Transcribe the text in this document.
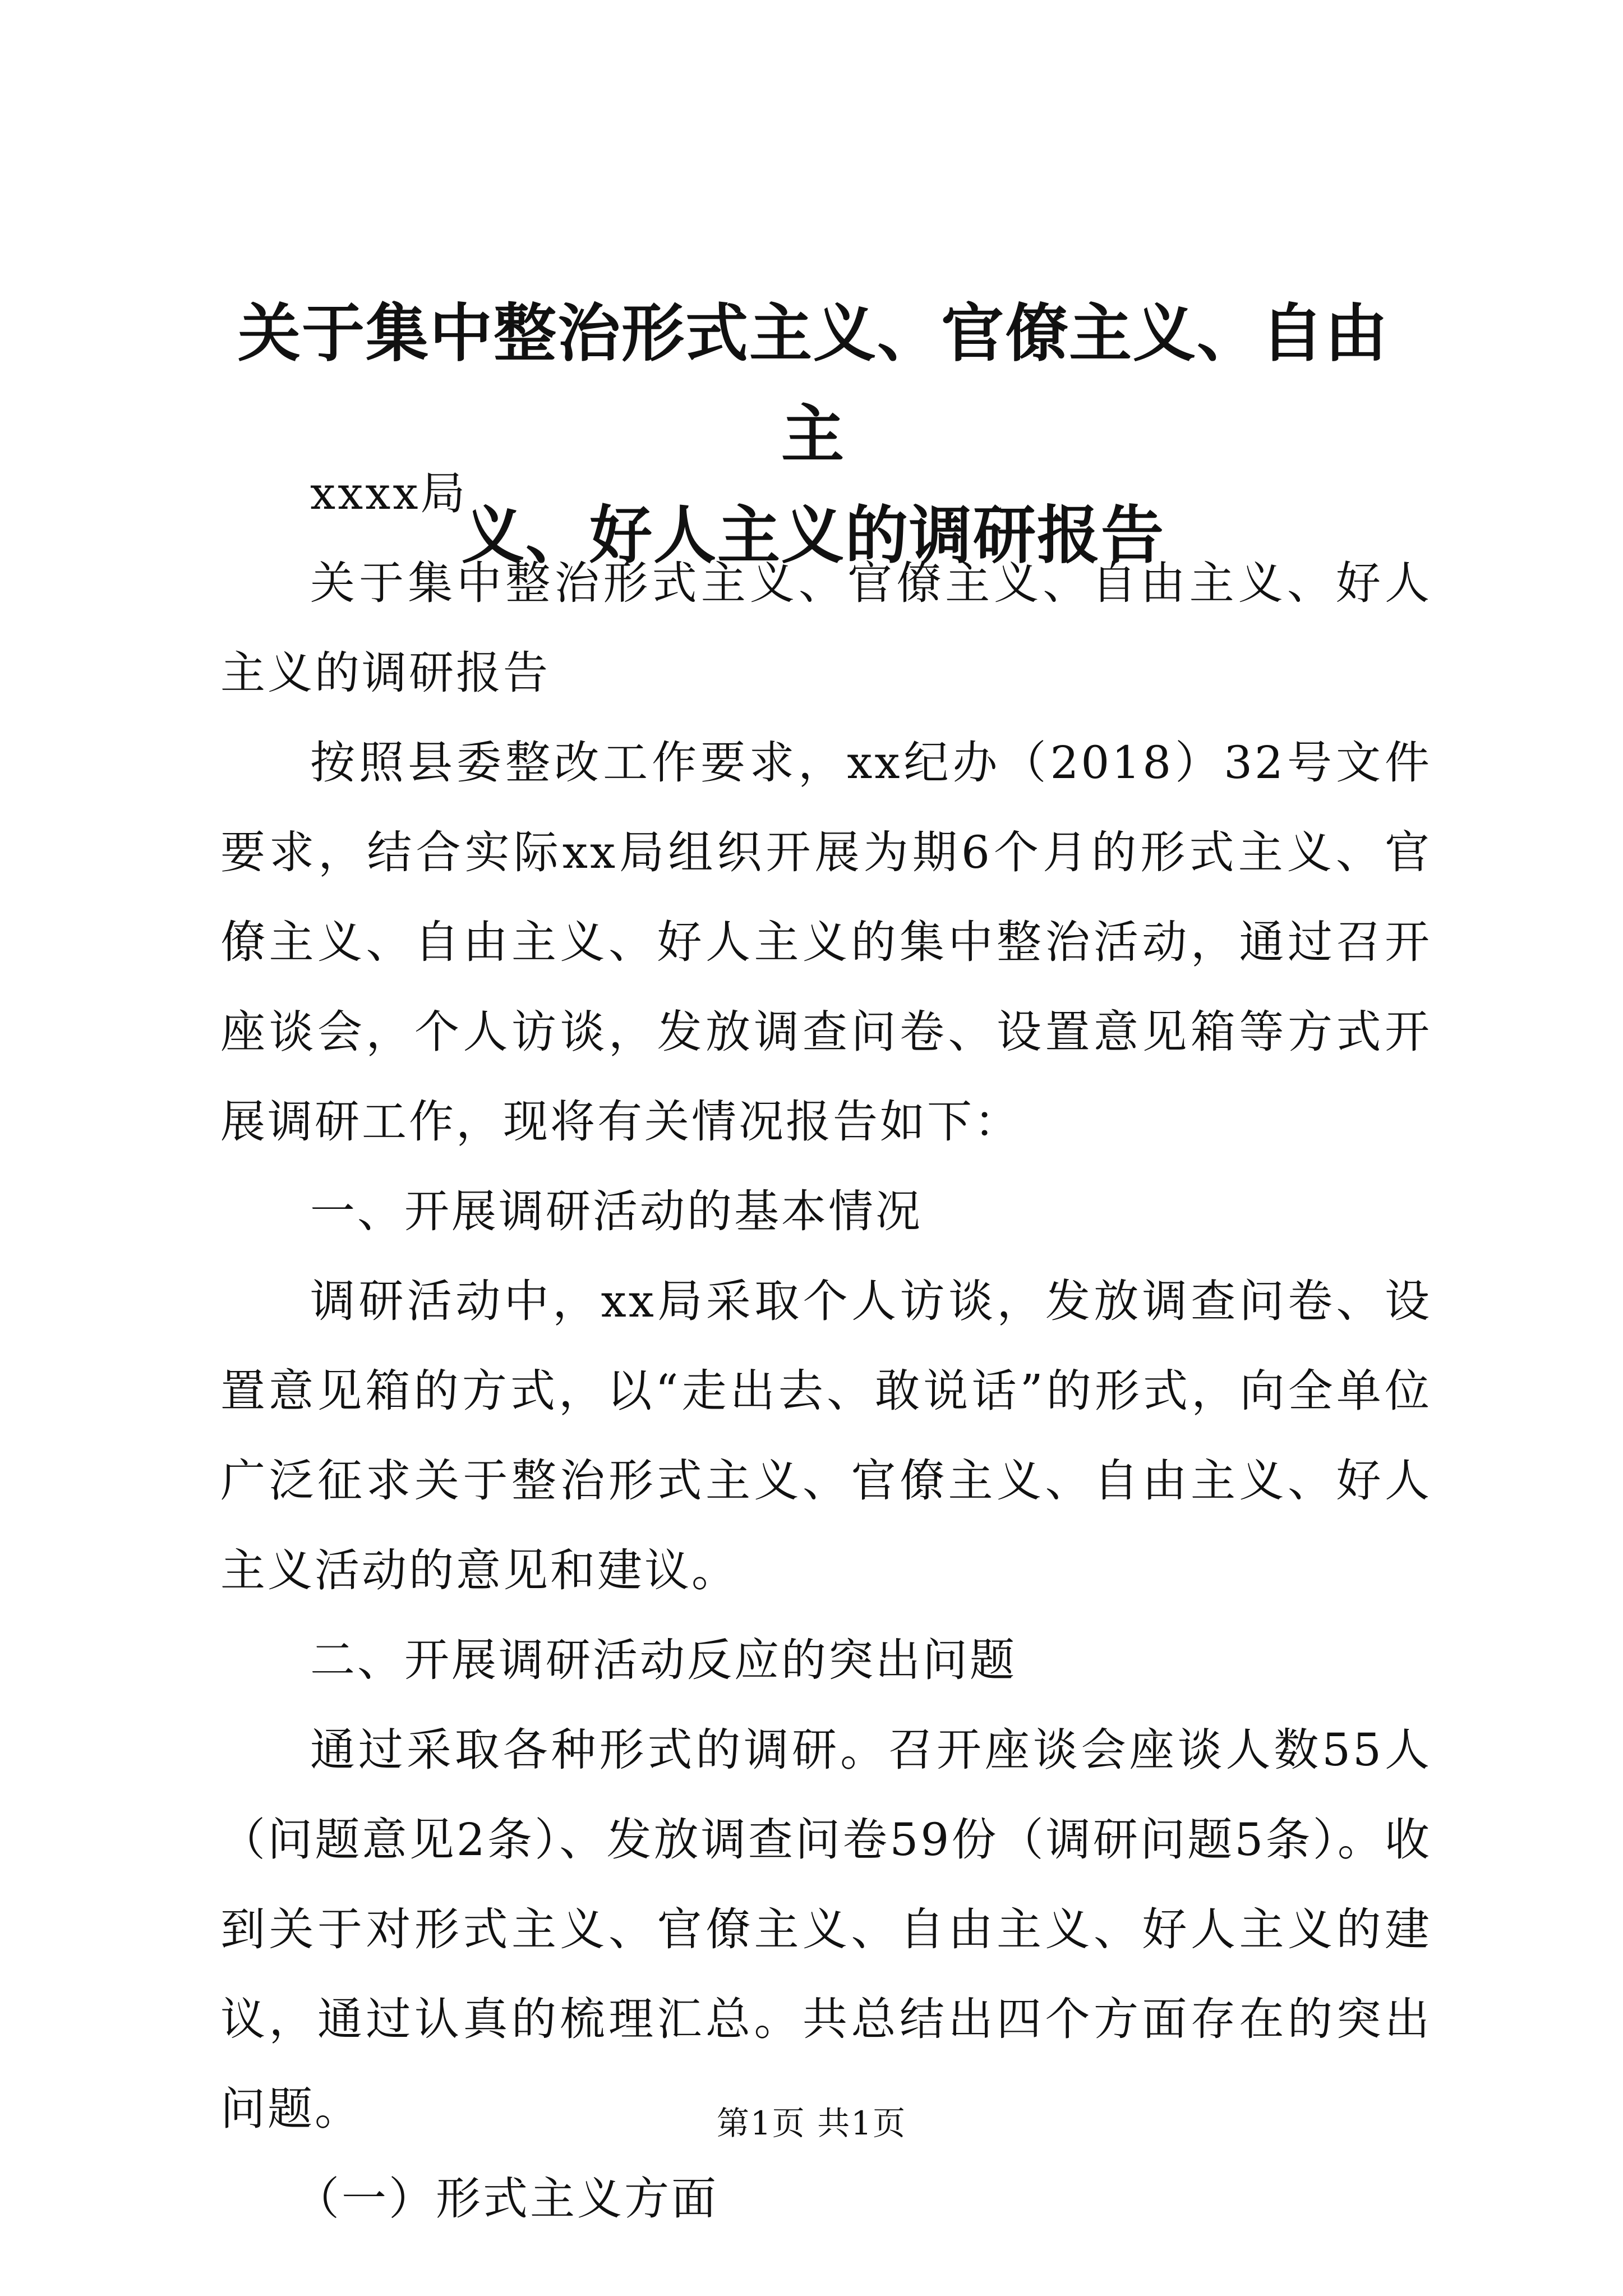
关于集中整治形式主义、官僚主义、自由主
义、好人主义的调研报告

xxxx局

关于集中整治形式主义、官僚主义、自由主义、好人主义的调研报告

按照县委整改工作要求，xx纪办（2018）32号文件要求，结合实际xx局组织开展为期6个月的形式主义、官僚主义、自由主义、好人主义的集中整治活动，通过召开座谈会，个人访谈，发放调查问卷、设置意见箱等方式开展调研工作，现将有关情况报告如下：

一、开展调研活动的基本情况

调研活动中，xx局采取个人访谈，发放调查问卷、设置意见箱的方式，以“走出去、敢说话”的形式，向全单位广泛征求关于整治形式主义、官僚主义、自由主义、好人主义活动的意见和建议。

二、开展调研活动反应的突出问题

通过采取各种形式的调研。召开座谈会座谈人数55人（问题意见2条）、发放调查问卷59份（调研问题5条）。收到关于对形式主义、官僚主义、自由主义、好人主义的建议，通过认真的梳理汇总。共总结出四个方面存在的突出问题。

（一）形式主义方面

第1页 共1页
